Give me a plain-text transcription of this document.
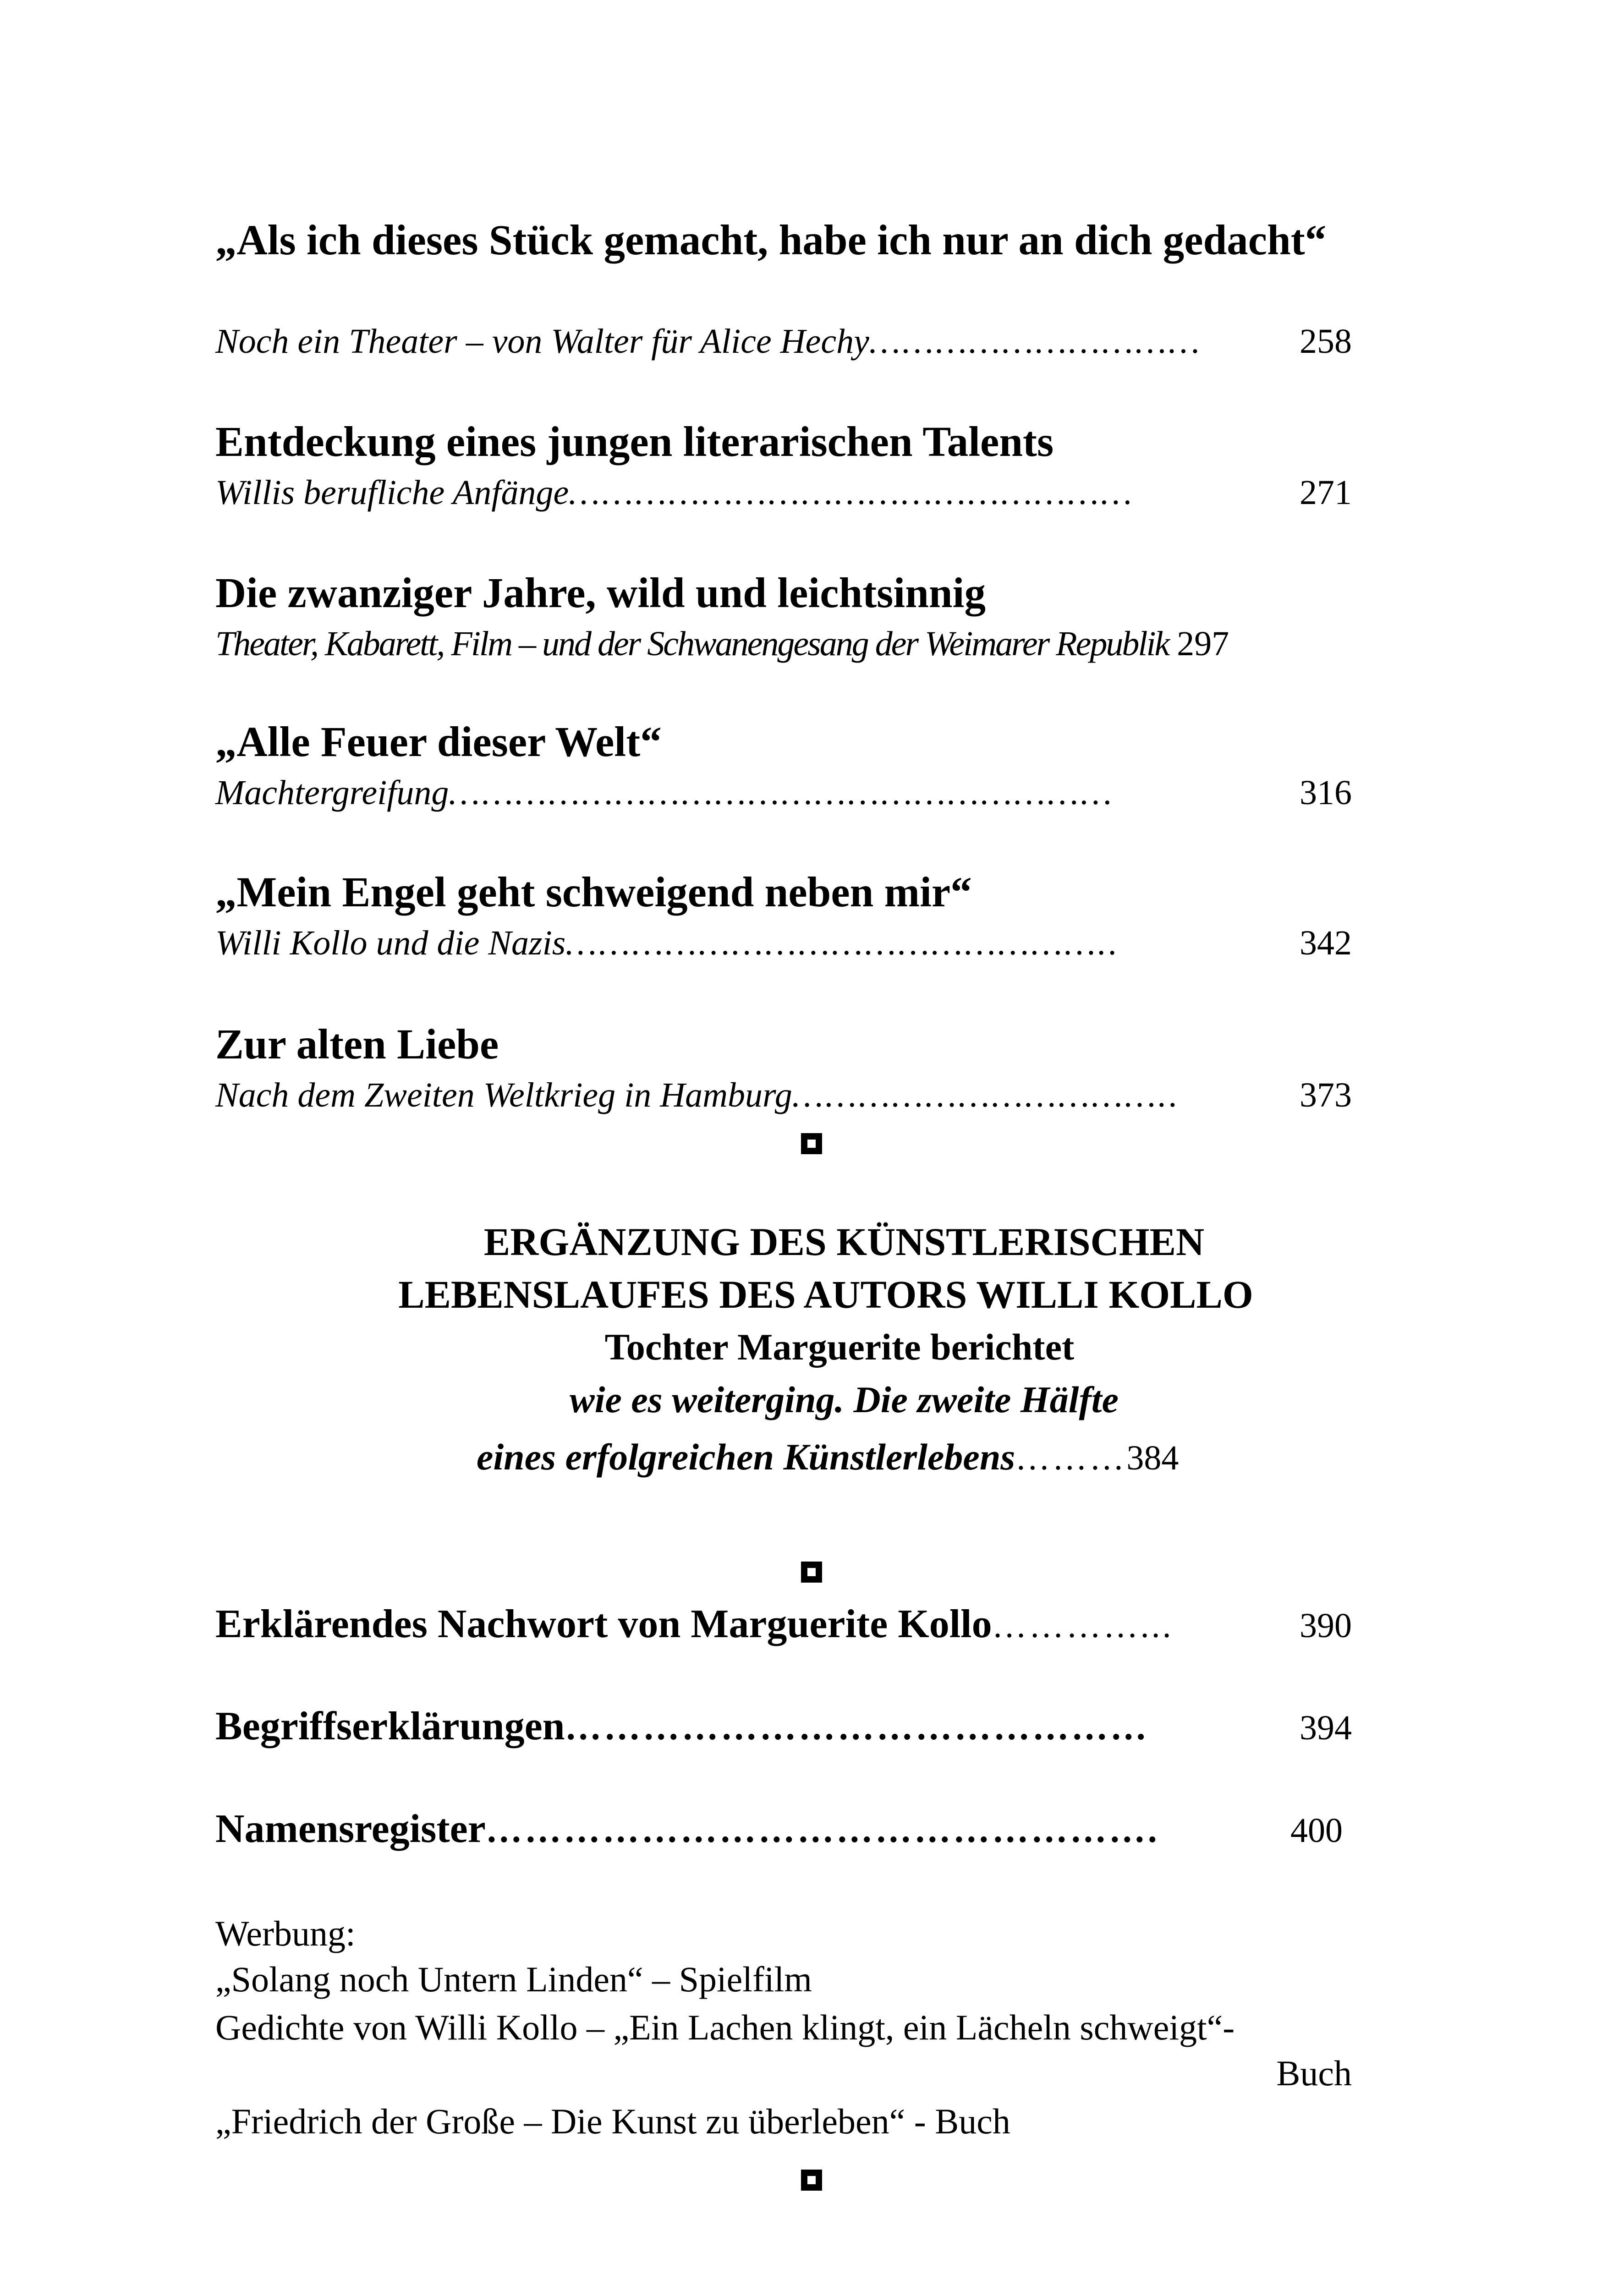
„Als ich dieses Stück gemacht, habe ich nur an dich gedacht“
Noch ein Theater – von Walter für Alice Hechy …………………………	258
Entdeckung eines jungen literarischen Talents
Willis berufliche Anfänge ……………………………………………	271
Die zwanziger Jahre, wild und leichtsinnig
Theater, Kabarett, Film – und der Schwanengesang der Weimarer Republik 297
„Alle Feuer dieser Welt“
Machtergreifung ……………………………………………………	316
„Mein Engel geht schweigend neben mir“
Willi Kollo und die Nazis …………………………………………..	342
Zur alten Liebe
Nach dem Zweiten Weltkrieg in Hamburg ……………………………..	373
ERGÄNZUNG DES KÜNSTLERISCHEN
LEBENSLAUFES DES AUTORS WILLI KOLLO
Tochter Marguerite berichtet
wie es weiterging. Die zweite Hälfte
eines erfolgreichen Künstlerlebens ……… 384
Erklärendes Nachwort von Marguerite Kollo …………...	390
Begriffserklärungen ………………………………………	394
Namensregister …………………………………………….	400
Werbung:
„Solang noch Untern Linden“ – Spielfilm
Gedichte von Willi Kollo – „Ein Lachen klingt, ein Lächeln schweigt“-
Buch
„Friedrich der Große – Die Kunst zu überleben“ - Buch
